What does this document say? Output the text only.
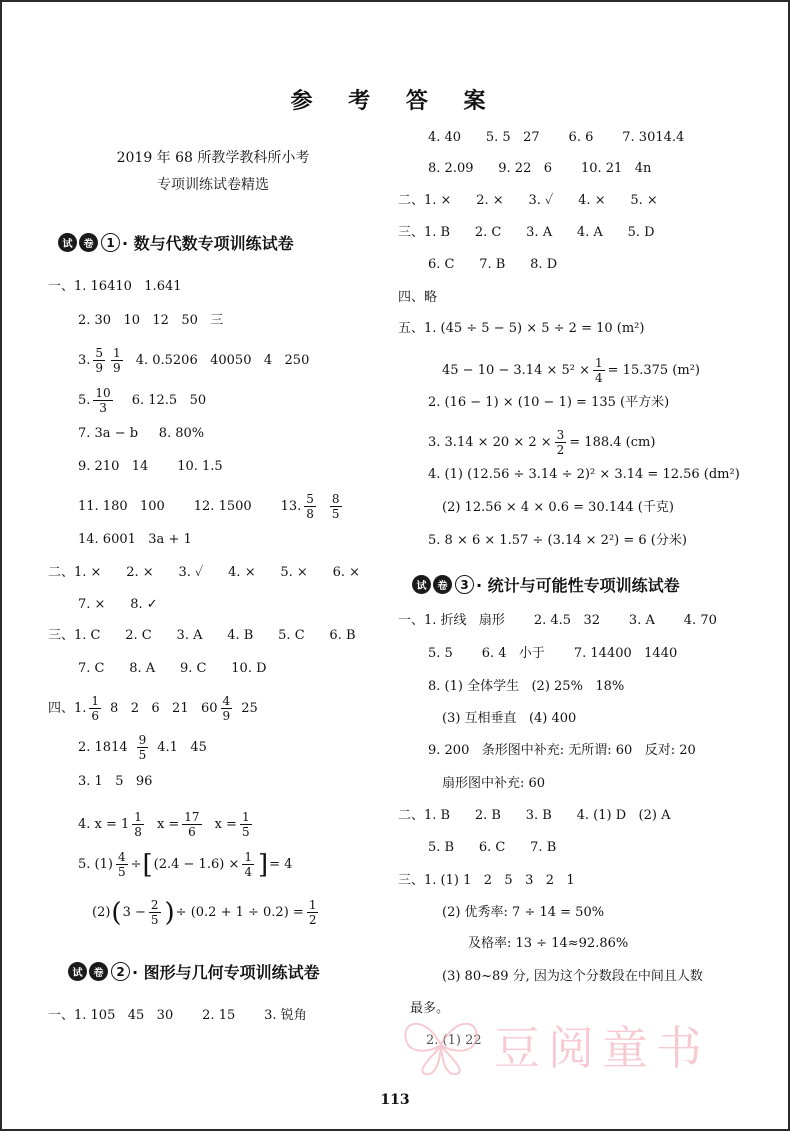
参 考 答 案
2019 年 68 所教学教科所小考
专项训练试卷精选
试	卷	1 · 数与代数专项训练试卷
一、1. 16410   1.641
2. 30   10   12   50   三
3. $\frac{5}{9} \frac{1}{9} 4$. 0.5206   40050   4   250
5. $\frac{10}{3} 6$. 12.5   50
7. 3a − b     8. 80%
9. 210   14       10. 1.5
11. 180   100       12. 1500       13. $\frac{5}{8} \frac{8}{5}$
14. 6001   3a + 1
二、1. ×      2. ×      3. ✓      4. ×      5. ×      6. ×
7. ×      8. ✓
三、1. C      2. C      3. A      4. B      5. C      6. B
7. C      8. A      9. C      10. D
四、1. $\frac{1}{6} 8$   2   6   21   $60 \frac{4}{9} 25$
2. $1814 \frac{9}{5} 4.1$   45
3. 1   5   96
4. $x = 1 \frac{1}{8}$ $x = \frac{17}{6}$ $x = \frac{1}{5}$
5. $(1) \frac{4}{5}$ ÷ [ $(2.4 - 1.6) \times \frac{1}{4}$ ] = 4
(2) ( $3 - \frac{2}{5}$ ) ÷ $(0.2 + 1 \div 0.2) = \frac{1}{2}$
试	卷	2 · 图形与几何专项训练试卷
一、1. 105   45   30       2. 15       3. 锐角
4. 40      5. 5   27       6. 6       7. 3014.4
8. 2.09      9. 22   6       10. 21   4n
二、1. ×      2. ×      3. ✓      4. ×      5. ×
三、1. B      2. C      3. A      4. A      5. D
6. C      7. B      8. D
四、略
五、1. (45 ÷ 5 − 5) × 5 ÷ 2 = 10 (m²)
$45 - 10 - 3.14 \times 5^2 \times \frac{1}{4} = 15.375$ (m²)
2. (16 − 1) × (10 − 1) = 135 (平方米)
3. $3.14 \times 20 \times 2 \times \frac{3}{2} = 188.4$ (cm)
4. (1) (12.56 ÷ 3.14 ÷ 2)² × 3.14 = 12.56 (dm²)
(2) 12.56 × 4 × 0.6 = 30.144 (千克)
5. 8 × 6 × 1.57 ÷ (3.14 × 2²) = 6 (分米)
试	卷	3 · 统计与可能性专项训练试卷
一、1. 折线   扇形       2. 4.5   32       3. A       4. 70
5. 5       6. 4   小于       7. 14400   1440
8. (1) 全体学生   (2) 25%   18%
(3) 互相垂直   (4) 400
9. 200   条形图中补充: 无所谓: 60   反对: 20
扇形图中补充: 60
二、1. B      2. B      3. B      4. (1) D   (2) A
5. B      6. C      7. B
三、1. (1) 1   2   5   3   2   1
(2) 优秀率: 7 ÷ 14 = 50%
及格率: 13 ÷ 14≈92.86%
(3) 80~89 分, 因为这个分数段在中间且人数
最多。
2. (1) 22 豆阅童书
113
